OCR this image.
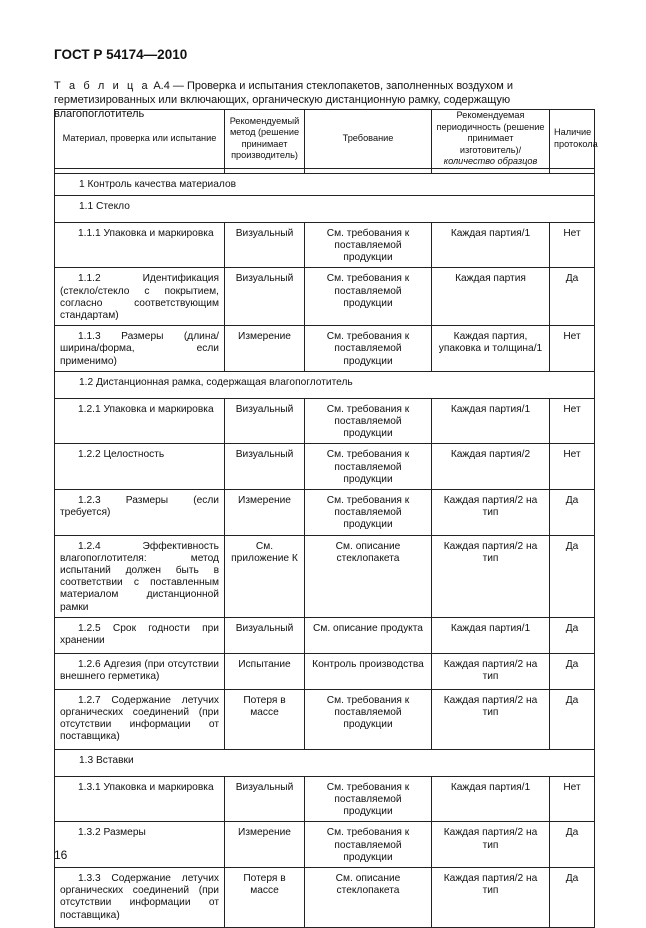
ГОСТ Р 54174—2010
Т а б л и ц а А.4 — Проверка и испытания стеклопакетов, заполненных воздухом и герметизированных или включающих, органическую дистанционную рамку, содержащую влагопоглотитель
Материал, проверка или испытание	Рекомендуемый метод (решение принимает производитель)	Требование	Рекомендуемая периодичность (решение принимает изготовитель)/количество образцов	Наличие протокола

1 Контроль качества материалов				
1.1 Стекло				
1.1.1 Упаковка и маркировка	Визуальный	См. требования к поставляемой продукции	Каждая партия/1	Нет
1.1.2 Идентификация (стекло/стекло с покрытием, согласно соответствующим стандартам)	Визуальный	См. требования к поставляемой продукции	Каждая партия	Да
1.1.3 Размеры (длина/ширина/форма, если применимо)	Измерение	См. требования к поставляемой продукции	Каждая партия, упаковка и толщина/1	Нет
1.2 Дистанционная рамка, содержащая влагопоглотитель				
1.2.1 Упаковка и маркировка	Визуальный	См. требования к поставляемой продукции	Каждая партия/1	Нет
1.2.2 Целостность	Визуальный	См. требования к поставляемой продукции	Каждая партия/2	Нет
1.2.3 Размеры (если требуется)	Измерение	См. требования к поставляемой продукции	Каждая партия/2 на тип	Да
1.2.4 Эффективность влагопоглотителя: метод испытаний должен быть в соответствии с поставленным материалом дистанционной рамки	См. приложение К	См. описание стеклопакета	Каждая партия/2 на тип	Да
1.2.5 Срок годности при хранении	Визуальный	См. описание продукта	Каждая партия/1	Да
1.2.6 Адгезия (при отсутствии внешнего герметика)	Испытание	Контроль производства	Каждая партия/2 на тип	Да
1.2.7 Содержание летучих органических соединений (при отсутствии информации от поставщика)	Потеря в массе	См. требования к поставляемой продукции	Каждая партия/2 на тип	Да
1.3 Вставки				
1.3.1 Упаковка и маркировка	Визуальный	См. требования к поставляемой продукции	Каждая партия/1	Нет
1.3.2 Размеры	Измерение	См. требования к поставляемой продукции	Каждая партия/2 на тип	Да
1.3.3 Содержание летучих органических соединений (при отсутствии информации от поставщика)	Потеря в массе	См. описание стеклопакета	Каждая партия/2 на тип	Да
16
